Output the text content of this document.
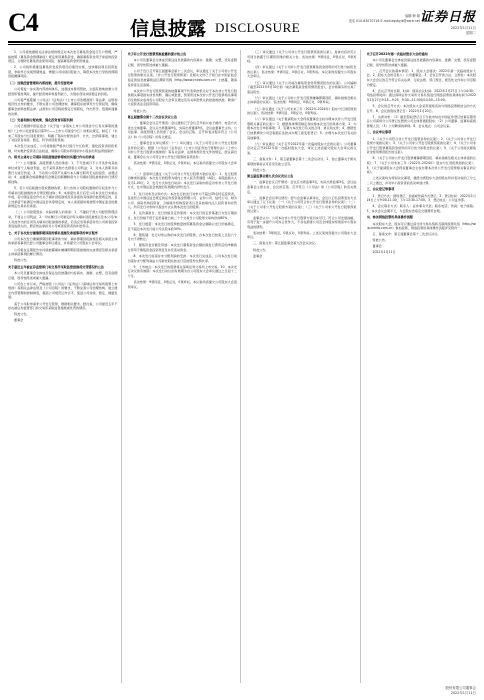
C4	信息披露 DISCLOSURE
编辑 韩 颖
电话 010-63070716 E-mail:zqsbyjk@zqrb.net 证券日报
2022年1月11日
星期二

1、公司将依据相关法律法规的规定对本次发行募集资金进行专户管理，严格按照《募集资金管理制度》规定使用募集资金，确保募集资金用于承诺的投资项目，合理防范募集资金使用风险，提高募集资金使用效益。

2、公司将积极推进募集资金投资项目的建设实施，加快募投项目投资进度，争取早日实现预期效益，增强公司持续回报能力，降低本次发行导致的即期回报摊薄风险。

（二）加强经营管理和内部控制，提升经营效率

公司将进一步完善内部控制体系，加强成本费用管控，全面有效地控制公司经营和管控风险，提升经营效率和盈利能力，为股东创造持续稳定的回报。

公司将严格遵循《公司法》《证券法》《上市公司治理准则》等法律、法规和规范性文件的要求，不断完善公司治理结构，确保股东能够充分行使权利，确保董事会能够按照法律、法规和公司章程的规定行使职权，作出科学、迅速和谨慎的决策。

（三）完善利润分配政策，强化投资者回报机制

公司已根据中国证监会《关于进一步落实上市公司现金分红有关事项的通知》《上市公司监管指引第3号——上市公司现金分红》的相关规定，制定了《未来三年股东分红回报规划》，明确了利润分配的条件、方式、比例等事项，建立了对投资者持续、稳定、科学的回报机制。

本次发行完成后，公司将继续严格执行现行分红政策，强化投资者回报机制，切实维护投资者合法权益，确保公司股东特别是中小股东的利益得到保护。

六、相关主体对公司填补回报措施能够得到切实履行作出的承诺

（一）公司董事、高级管理人员的承诺：1、不无偿或以不公平条件向其他单位或者个人输送利益，也不采用其他方式损害公司利益；2、对本人的职务消费行为进行约束；3、不动用公司资产从事与本人履行职责无关的投资、消费活动；4、由董事会或薪酬委员会制定的薪酬制度与公司填补回报措施的执行情况相挂钩。

5、若公司后续推出股权激励政策，拟公布的公司股权激励的行权条件与公司填补回报措施的执行情况相挂钩；6、本承诺出具日后至公司本次发行实施完毕前，若中国证监会作出关于填补回报措施及其承诺的其他新的监管规定的，且上述承诺不能满足中国证监会该等规定时，本人承诺届时将按照中国证监会的最新规定出具补充承诺。

（二）公司控股股东、实际控制人的承诺：1、不越权干预公司经营管理活动，不侵占公司利益；2、切实履行公司制定的有关填补回报措施以及本公司/本人对此作出的任何有关填补回报措施的承诺，若违反该等承诺并给公司或者投资者造成损失的，愿意依法承担对公司或者投资者的补偿责任。

七、关于本次发行摊薄即期回报的填补措施及承诺事项的审议程序

公司本次发行摊薄即期回报事项的分析、填补即期回报措施及相关承诺主体的承诺等事项已经公司董事会审议通过，并将提交公司股东大会审议。

公司将在定期报告中持续披露填补摊薄即期回报措施的完成情况及相关承诺主体承诺事项的履行情况。

特此公告。

关于最近五年被证券监管部门和交易所采取监管措施或处罚情况的公告

本公司及董事会全体成员保证信息披露的内容真实、准确、完整，没有虚假记载、误导性陈述或重大遗漏。

公司自上市以来，严格按照《公司法》《证券法》《深圳证券交易所股票上市规则》等相关法律法规及《公司章程》的要求，不断完善公司治理结构，建立健全内部管理和控制制度，提高公司规范运作水平，促进公司持续、稳定、健康发展。

鉴于公司拟申请非公开发行股票，根据相关要求，经自查，公司最近五年不存在被证券监管部门和交易所采取监管措施或处罚的情况。

特此公告。

董事会

关于非公开发行股票预案披露的提示性公告

本公司及董事会全体成员保证信息披露的内容真实、准确、完整，没有虚假记载、误导性陈述或重大遗漏。

公司于近日召开第五届董事会第十二次会议，审议通过了关于公司非公开发行股票的相关议案。《非公开发行股票预案》及相关文件已于同日在中国证监会指定的信息披露网站巨潮资讯网（http://www.cninfo.com.cn）上披露，敬请投资者注意查阅。

本次非公开发行股票预案的披露事项不代表审批机关对于本次非公开发行股票相关事项的实质性判断、确认或批准，预案所述本次非公开发行股票相关事项的生效和完成尚需公司股东大会审议通过及有关审批机关的批准或核准。敬请广大投资者注意投资风险。

特此公告。

第五届董事会第十二次会议决议公告

一、董事会会议召开情况：会议通知已于会议召开前以电子邮件、电话方式送达全体董事。会议应出席董事9名，实际出席董事9名，会议由董事长主持，公司监事、高级管理人员列席了会议。会议的召集、召开和表决程序符合《公司法》和《公司章程》的有关规定。

二、董事会会议审议情况：（一）审议通过《关于公司符合非公开发行股票条件的议案》。根据《公司法》《证券法》《上市公司证券发行管理办法》《上市公司非公开发行股票实施细则》等有关法律、法规和规范性文件的规定，经认真自查，董事会认为公司符合非公开发行股票的各项条件。

表决结果：9票同意，0票反对，0票弃权。本议案尚需提交公司股东大会审议。

（二）逐项审议通过《关于公司非公开发行股票方案的议案》：1、发行股票的种类和面值：本次发行的股票为境内上市人民币普通股（A股），每股面值为人民币1.00元。2、发行方式和发行时间：本次发行采取向特定对象非公开发行的方式，在中国证监会核准的有效期内择机发行。

3、发行对象及认购方式：本次发行的发行对象为不超过35名特定投资者，包括符合中国证监会规定的证券投资基金管理公司、证券公司、信托公司、财务公司、保险机构投资者、合格境外机构投资者以及其他境内法人投资者和自然人。所有发行对象均以现金方式认购本次发行的股票。

4、定价基准日、发行价格及定价原则：本次发行的定价基准日为发行期首日，发行价格不低于定价基准日前二十个交易日公司股票交易均价的80%。

5、发行数量：本次发行的股票数量按照募集资金总额除以发行价格确定，且不超过本次发行前公司总股本的30%。

6、限售期：发行对象认购的本次发行的股票，自本次发行结束之日起六个月内不得转让。

7、募集资金总额及用途：本次发行募集资金总额扣除发行费用后的净额将全部用于募集资金投资项目及补充流动资金。

8、本次发行前滚存未分配利润的安排：本次发行完成后，公司本次发行前的滚存未分配利润由公司新老股东按发行后的股份比例共享。

9、上市地点：本次发行的股票将在深圳证券交易所上市交易。10、本次发行决议的有效期：本次发行决议的有效期为自公司股东大会审议通过之日起十二个月。

表决结果：9票同意，0票反对，0票弃权。本议案尚需提交公司股东大会逐项审议。

（三）审议通过《关于公司非公开发行股票预案的议案》。具体内容详见公司同日披露于巨潮资讯网的相关公告。表决结果：9票同意，0票反对，0票弃权。

（四）审议通过《关于公司非公开发行股票募集资金使用的可行性分析报告的议案》。表决结果：9票同意，0票反对，0票弃权。本议案尚需提交公司股东大会审议。

（五）审议通过《关于公司前次募集资金使用情况报告的议案》。公司编制了截至2021年9月30日的《前次募集资金使用情况报告》，会计师事务所出具了鉴证报告。

（六）审议通过《关于公司非公开发行股票摊薄即期回报、填补措施及相关主体承诺的议案》。表决结果：9票同意，0票反对，0票弃权。

（七）审议通过《关于公司未来三年（2022年-2024年）股东分红回报规划的议案》。表决结果：9票同意，0票反对，0票弃权。

（八）审议通过《关于提请股东大会授权董事会全权办理本次非公开发行股票相关事宜的议案》：1、根据具体情况制定和实施本次发行的具体方案；2、办理本次发行申报事项；3、签署与本次发行有关的合同、协议和文件；4、根据发行结果修改公司章程相应条款并办理工商变更登记；5、办理与本次发行有关的其他事项。

（九）审议通过《关于召开2022年第一次临时股东大会的议案》。公司董事会决定召开2022年第一次临时股东大会，审议上述需提交股东大会审议的议案。

三、备查文件：1、第五届董事会第十二次会议决议；2、独立董事关于相关事项的事前认可意见及独立意见。

特此公告。

第五届监事会第九次会议决议公告

一、监事会会议召开情况：会议应出席监事3名，实际出席监事3名，会议由监事会主席主持，会议的召集、召开符合《公司法》和《公司章程》的有关规定。

二、监事会会议审议情况：经与会监事认真审议，会议以记名投票表决方式审议通过了以下议案：（一）《关于公司符合非公开发行股票条件的议案》；（二）《关于公司非公开发行股票方案的议案》；（三）《关于公司非公开发行股票预案的议案》。

监事会认为：公司本次非公开发行股票方案切实可行，符合公司发展战略，有利于进一步提升公司综合竞争力，不存在损害公司及全体股东特别是中小股东利益的情形。

表决结果：3票同意，0票反对，0票弃权。上述议案尚需提交公司股东大会审议。

三、备查文件：第五届监事会第九次会议决议。

特此公告。

监事会

关于召开2022年第一次临时股东大会的通知

本公司及董事会全体成员保证信息披露的内容真实、准确、完整，没有虚假记载、误导性陈述或重大遗漏。

一、召开会议的基本情况：1、股东大会届次：2022年第一次临时股东大会。2、股东大会的召集人：公司董事会。3、会议召开的合法、合规性：本次股东大会会议的召开符合有关法律、行政法规、部门规章、规范性文件和公司章程的规定。

4、会议召开的日期、时间：现场会议时间：2022年1月27日下午14:30；网络投票时间：通过深圳证券交易所交易系统进行网络投票的具体时间为2022年1月27日9:15—9:25，9:30—11:30和13:00—15:00。

5、会议的召开方式：本次股东大会采用现场表决与网络投票相结合的方式召开。6、会议的股权登记日：2022年1月20日。

7、出席对象：（1）截至股权登记日下午收市时在中国证券登记结算有限责任公司深圳分公司登记在册的公司全体普通股股东；（2）公司董事、监事和高级管理人员；（3）公司聘请的律师。8、会议地点：公司会议室。

二、会议审议事项

1、《关于公司符合非公开发行股票条件的议案》；2、《关于公司非公开发行股票方案的议案》；3、《关于公司非公开发行股票预案的议案》；4、《关于公司非公开发行股票募集资金使用的可行性分析报告的议案》；5、《关于公司前次募集资金使用情况报告的议案》。

6、《关于公司非公开发行股票摊薄即期回报、填补措施及相关主体承诺的议案》；7、《关于公司未来三年（2022年-2024年）股东分红回报规划的议案》；8、《关于提请股东大会授权董事会全权办理本次非公开发行股票相关事宜的议案》。

上述议案均为特别决议事项，须经出席股东大会的股东所持表决权的三分之二以上通过，并对中小投资者的表决单独计票。

三、会议登记等事项

1、登记方式：现场登记、信函或传真方式登记。2、登记时间：2022年1月24日上午9:00-11:30，下午13:30-17:00。3、登记地点：公司证券部。

4、会议联系方式：联系人：证券事务代表；联系电话；传真；电子邮箱。5、本次会议会期半天，与会股东食宿及交通费用自理。

四、参加网络投票的具体操作流程

本次股东大会，股东可以通过深交所交易系统和互联网投票系统（http://wltp.cninfo.com.cn）参加投票，网络投票的具体操作流程详见附件一。

五、备查文件：第五届董事会第十二次会议决议。

特此公告。

董事会

2022年1月11日

股份有限公司董事会
2022年1月11日
